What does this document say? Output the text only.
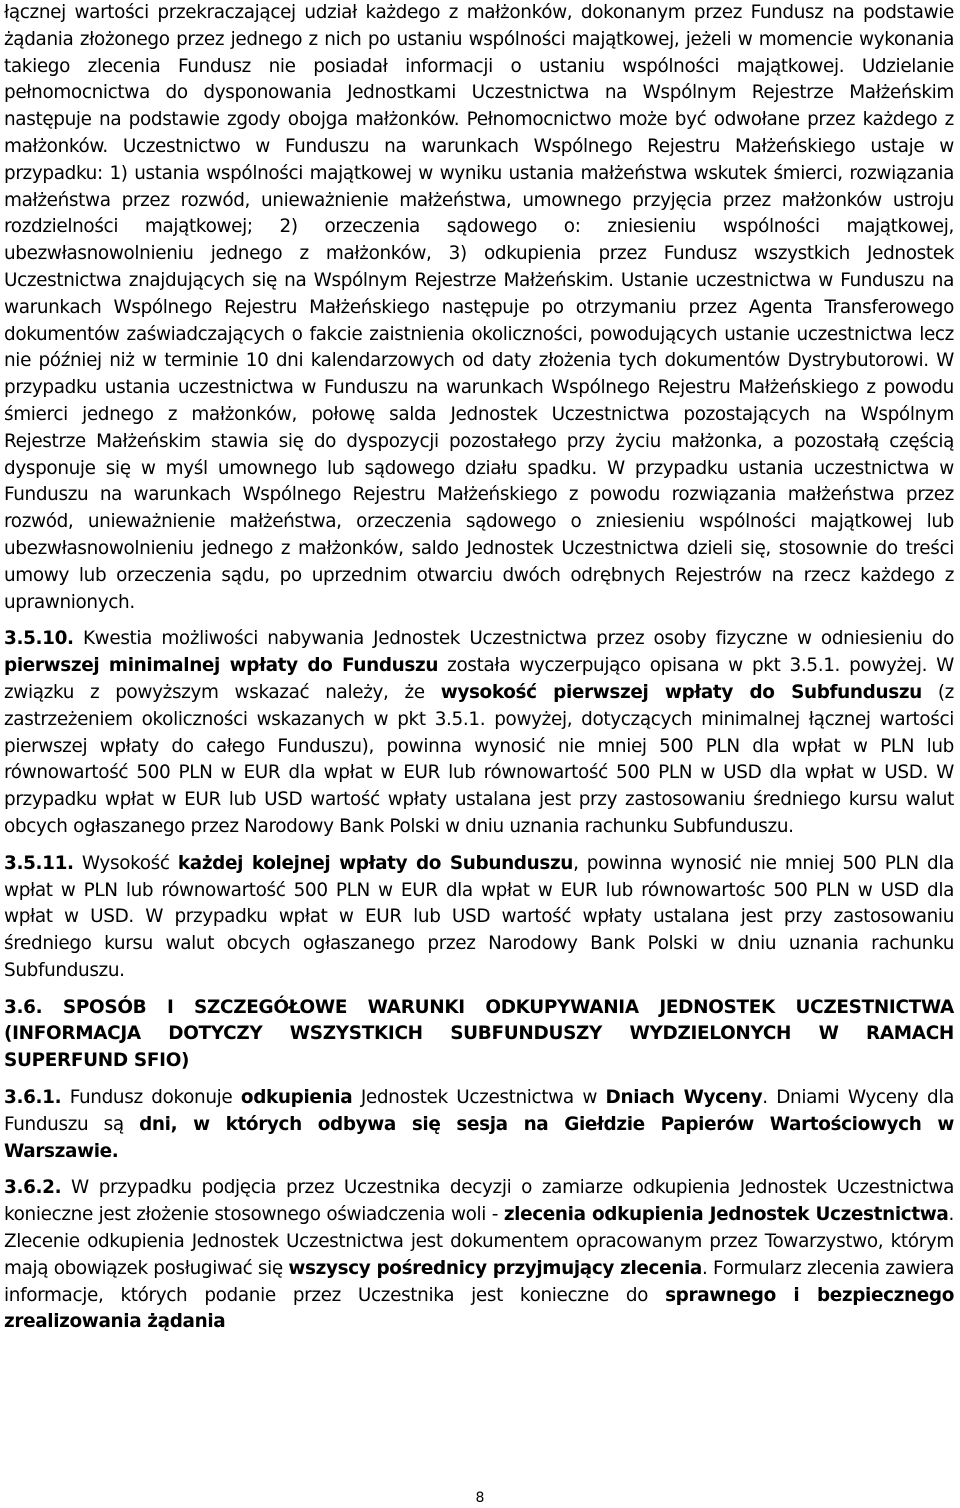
łącznej wartości przekraczającej udział każdego z małżonków, dokonanym przez Fundusz na podstawie żądania złożonego przez jednego z nich po ustaniu wspólności majątkowej, jeżeli w momencie wykonania takiego zlecenia Fundusz nie posiadał informacji o ustaniu wspólności majątkowej. Udzielanie pełnomocnictwa do dysponowania Jednostkami Uczestnictwa na Wspólnym Rejestrze Małżeńskim następuje na podstawie zgody obojga małżonków. Pełnomocnictwo może być odwołane przez każdego z małżonków. Uczestnictwo w Funduszu na warunkach Wspólnego Rejestru Małżeńskiego ustaje w przypadku: 1) ustania wspólności majątkowej w wyniku ustania małżeństwa wskutek śmierci, rozwiązania małżeństwa przez rozwód, unieważnienie małżeństwa, umownego przyjęcia przez małżonków ustroju rozdzielności majątkowej; 2) orzeczenia sądowego o: zniesieniu wspólności majątkowej, ubezwłasnowolnieniu jednego z małżonków, 3) odkupienia przez Fundusz wszystkich Jednostek Uczestnictwa znajdujących się na Wspólnym Rejestrze Małżeńskim. Ustanie uczestnictwa w Funduszu na warunkach Wspólnego Rejestru Małżeńskiego następuje po otrzymaniu przez Agenta Transferowego dokumentów zaświadczających o fakcie zaistnienia okoliczności, powodujących ustanie uczestnictwa lecz nie później niż w terminie 10 dni kalendarzowych od daty złożenia tych dokumentów Dystrybutorowi. W przypadku ustania uczestnictwa w Funduszu na warunkach Wspólnego Rejestru Małżeńskiego z powodu śmierci jednego z małżonków, połowę salda Jednostek Uczestnictwa pozostających na Wspólnym Rejestrze Małżeńskim stawia się do dyspozycji pozostałego przy życiu małżonka, a pozostałą częścią dysponuje się w myśl umownego lub sądowego działu spadku. W przypadku ustania uczestnictwa w Funduszu na warunkach Wspólnego Rejestru Małżeńskiego z powodu rozwiązania małżeństwa przez rozwód, unieważnienie małżeństwa, orzeczenia sądowego o zniesieniu wspólności majątkowej lub ubezwłasnowolnieniu jednego z małżonków, saldo Jednostek Uczestnictwa dzieli się, stosownie do treści umowy lub orzeczenia sądu, po uprzednim otwarciu dwóch odrębnych Rejestrów na rzecz każdego z uprawnionych.

3.5.10. Kwestia możliwości nabywania Jednostek Uczestnictwa przez osoby fizyczne w odniesieniu do pierwszej minimalnej wpłaty do Funduszu została wyczerpująco opisana w pkt 3.5.1. powyżej. W związku z powyższym wskazać należy, że wysokość pierwszej wpłaty do Subfunduszu (z zastrzeżeniem okoliczności wskazanych w pkt 3.5.1. powyżej, dotyczących minimalnej łącznej wartości pierwszej wpłaty do całego Funduszu), powinna wynosić nie mniej 500 PLN dla wpłat w PLN lub równowartość 500 PLN w EUR dla wpłat w EUR lub równowartość 500 PLN w USD dla wpłat w USD. W przypadku wpłat w EUR lub USD wartość wpłaty ustalana jest przy zastosowaniu średniego kursu walut obcych ogłaszanego przez Narodowy Bank Polski w dniu uznania rachunku Subfunduszu.

3.5.11. Wysokość każdej kolejnej wpłaty do Subunduszu, powinna wynosić nie mniej 500 PLN dla wpłat w PLN lub równowartość 500 PLN w EUR dla wpłat w EUR lub równowartośc 500 PLN w USD dla wpłat w USD. W przypadku wpłat w EUR lub USD wartość wpłaty ustalana jest przy zastosowaniu średniego kursu walut obcych ogłaszanego przez Narodowy Bank Polski w dniu uznania rachunku Subfunduszu.

3.6. SPOSÓB I SZCZEGÓŁOWE WARUNKI ODKUPYWANIA JEDNOSTEK UCZESTNICTWA (INFORMACJA DOTYCZY WSZYSTKICH SUBFUNDUSZY WYDZIELONYCH W RAMACH SUPERFUND SFIO)

3.6.1. Fundusz dokonuje odkupienia Jednostek Uczestnictwa w Dniach Wyceny. Dniami Wyceny dla Funduszu są dni, w których odbywa się sesja na Giełdzie Papierów Wartościowych w Warszawie.

3.6.2. W przypadku podjęcia przez Uczestnika decyzji o zamiarze odkupienia Jednostek Uczestnictwa konieczne jest złożenie stosownego oświadczenia woli - zlecenia odkupienia Jednostek Uczestnictwa. Zlecenie odkupienia Jednostek Uczestnictwa jest dokumentem opracowanym przez Towarzystwo, którym mają obowiązek posługiwać się wszyscy pośrednicy przyjmujący zlecenia. Formularz zlecenia zawiera informacje, których podanie przez Uczestnika jest konieczne do sprawnego i bezpiecznego zrealizowania żądania

8
